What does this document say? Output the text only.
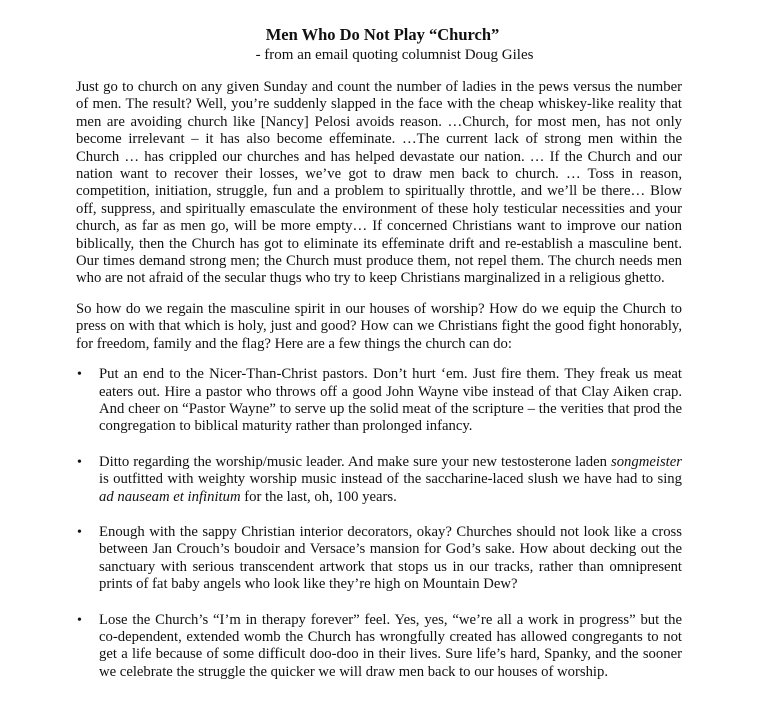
Men Who Do Not Play “Church”
- from an email quoting columnist Doug Giles

Just go to church on any given Sunday and count the number of ladies in the pews versus the number of men. The result? Well, you’re suddenly slapped in the face with the cheap whiskey-like reality that men are avoiding church like [Nancy] Pelosi avoids reason. …Church, for most men, has not only become irrelevant – it has also become effeminate. …The current lack of strong men within the Church … has crippled our churches and has helped devastate our nation. … If the Church and our nation want to recover their losses, we’ve got to draw men back to church. … Toss in reason, competition, initiation, struggle, fun and a problem to spiritually throttle, and we’ll be there… Blow off, suppress, and spiritually emasculate the environment of these holy testicular necessities and your church, as far as men go, will be more empty… If concerned Christians want to improve our nation biblically, then the Church has got to eliminate its effeminate drift and re-establish a masculine bent. Our times demand strong men; the Church must produce them, not repel them. The church needs men who are not afraid of the secular thugs who try to keep Christians marginalized in a religious ghetto.

So how do we regain the masculine spirit in our houses of worship? How do we equip the Church to press on with that which is holy, just and good? How can we Christians fight the good fight honorably, for freedom, family and the flag? Here are a few things the church can do:

• Put an end to the Nicer-Than-Christ pastors. Don’t hurt ‘em. Just fire them. They freak us meat eaters out. Hire a pastor who throws off a good John Wayne vibe instead of that Clay Aiken crap. And cheer on “Pastor Wayne” to serve up the solid meat of the scripture – the verities that prod the congregation to biblical maturity rather than prolonged infancy.
• Ditto regarding the worship/music leader. And make sure your new testosterone laden songmeister is outfitted with weighty worship music instead of the saccharine-laced slush we have had to sing ad nauseam et infinitum for the last, oh, 100 years.
• Enough with the sappy Christian interior decorators, okay? Churches should not look like a cross between Jan Crouch’s boudoir and Versace’s mansion for God’s sake. How about decking out the sanctuary with serious transcendent artwork that stops us in our tracks, rather than omnipresent prints of fat baby angels who look like they’re high on Mountain Dew?
• Lose the Church’s “I’m in therapy forever” feel. Yes, yes, “we’re all a work in progress” but the co-dependent, extended womb the Church has wrongfully created has allowed congregants to not get a life because of some difficult doo-doo in their lives. Sure life’s hard, Spanky, and the sooner we celebrate the struggle the quicker we will draw men back to our houses of worship.
